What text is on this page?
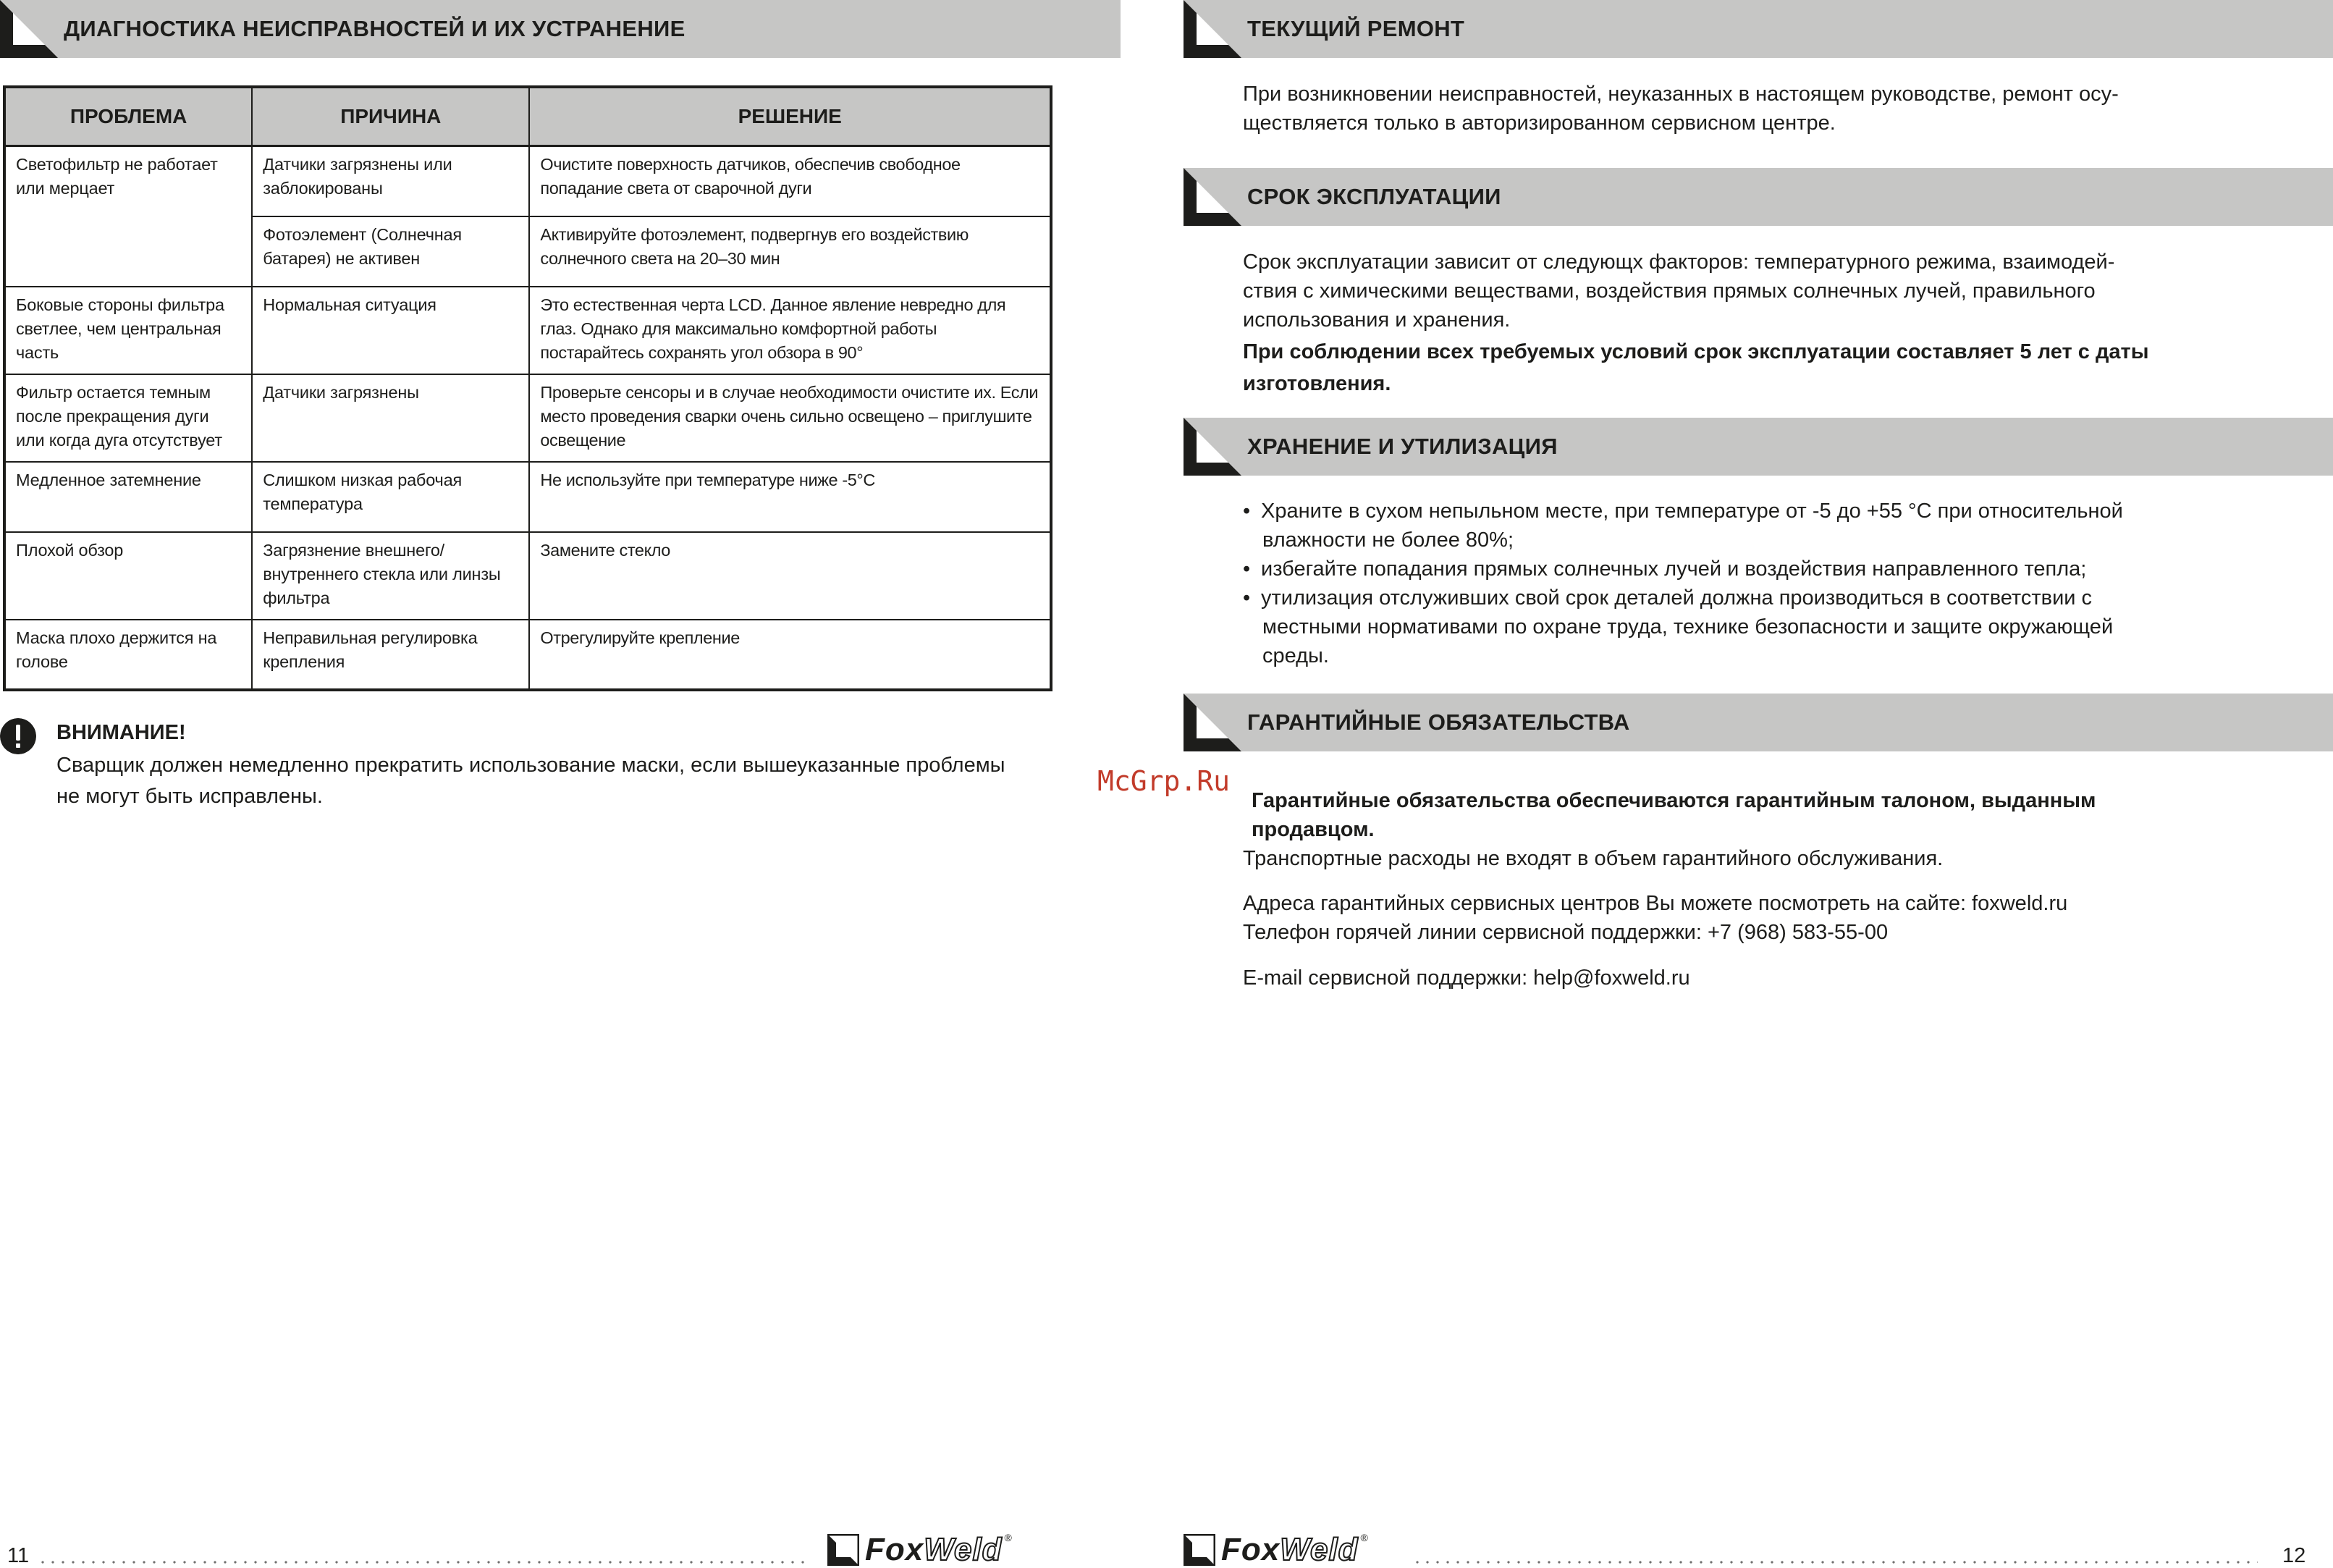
ДИАГНОСТИКА НЕИСПРАВНОСТЕЙ И ИХ УСТРАНЕНИЕ
ПРОБЛЕМА	ПРИЧИНА	РЕШЕНИЕ
Светофильтр не работает или мерцает	Датчики загрязнены или заблокированы	Очистите поверхность датчиков, обеспечив свободное попадание света от сварочной дуги
	Фотоэлемент (Солнечная батарея) не активен	Активируйте фотоэлемент, подвергнув его воздействию солнечного света на 20–30 мин
Боковые стороны фильтра светлее, чем центральная часть	Нормальная ситуация	Это естественная черта LCD. Данное явление невредно для глаз. Однако для максимально комфортной работы постарайтесь сохранять угол обзора в 90°
Фильтр остается темным после прекращения дуги или когда дуга отсутствует	Датчики загрязнены	Проверьте сенсоры и в случае необходимости очистите их. Если место проведения сварки очень сильно освещено – приглушите освещение
Медленное затемнение	Слишком низкая рабочая температура	Не используйте при температуре ниже -5°С
Плохой обзор	Загрязнение внешнего/внутреннего стекла или линзы фильтра	Замените стекло
Маска плохо держится на голове	Неправильная регулировка крепления	Отрегулируйте крепление
ВНИМАНИЕ!
Сварщик должен немедленно прекратить использование маски, если вышеуказанные проблемы не могут быть исправлены.
11	FoxWeld ®
ТЕКУЩИЙ РЕМОНТ
При возникновении неисправностей, неуказанных в настоящем руководстве, ремонт осу-
ществляется только в авторизированном сервисном центре.
СРОК ЭКСПЛУАТАЦИИ
Срок эксплуатации зависит от следующх факторов: температурного режима, взаимодей-
ствия с химическими веществами, воздействия прямых солнечных лучей, правильного
использования и хранения.
При соблюдении всех требуемых условий срок эксплуатации составляет 5 лет с даты
изготовления.
ХРАНЕНИЕ И УТИЛИЗАЦИЯ
• Храните в сухом непыльном месте, при температуре от -5 до +55 °С при относительной
влажности не более 80%;
• избегайте попадания прямых солнечных лучей и воздействия направленного тепла;
• утилизация отслуживших свой срок деталей должна производиться в соответствии с
местными нормативами по охране труда, технике безопасности и защите окружающей
среды.
ГАРАНТИЙНЫЕ ОБЯЗАТЕЛЬСТВА
Гарантийные обязательства обеспечиваются гарантийным талоном, выданным
продавцом.
Транспортные расходы не входят в объем гарантийного обслуживания.
Адреса гарантийных сервисных центров Вы можете посмотреть на сайте: foxweld.ru
Телефон горячей линии сервисной поддержки: +7 (968) 583-55-00
E-mail сервисной поддержки: help@foxweld.ru
FoxWeld ®
12
McGrp.Ru
